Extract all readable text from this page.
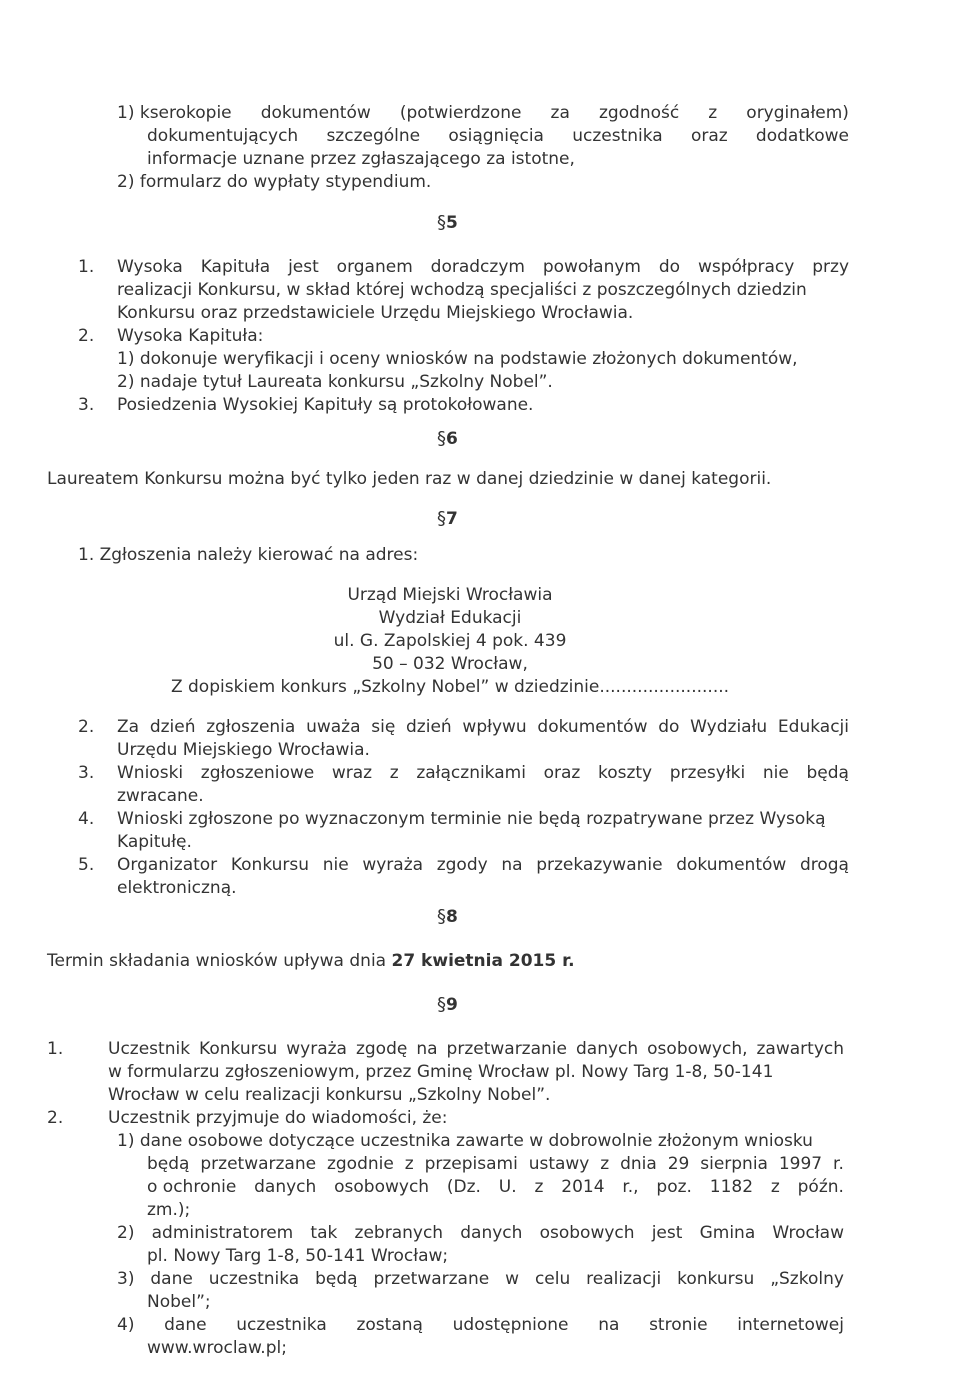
1) kserokopie dokumentów (potwierdzone za zgodność z oryginałem)
dokumentujących szczególne osiągnięcia uczestnika oraz dodatkowe
informacje uznane przez zgłaszającego za istotne,
2) formularz do wypłaty stypendium.
§5
1. Wysoka Kapituła jest organem doradczym powołanym do współpracy przy
realizacji Konkursu, w skład której wchodzą specjaliści z poszczególnych dziedzin
Konkursu oraz przedstawiciele Urzędu Miejskiego Wrocławia.
2. Wysoka Kapituła:
1) dokonuje weryfikacji i oceny wniosków na podstawie złożonych dokumentów,
2) nadaje tytuł Laureata konkursu „Szkolny Nobel”.
3. Posiedzenia Wysokiej Kapituły są protokołowane.
§6
Laureatem Konkursu można być tylko jeden raz w danej dziedzinie w danej kategorii.
§7
1. Zgłoszenia należy kierować na adres:
Urząd Miejski Wrocławia
Wydział Edukacji
ul. G. Zapolskiej 4 pok. 439
50 – 032 Wrocław,
Z dopiskiem konkurs „Szkolny Nobel” w dziedzinie........................
2. Za dzień zgłoszenia uważa się dzień wpływu dokumentów do Wydziału Edukacji
Urzędu Miejskiego Wrocławia.
3. Wnioski zgłoszeniowe wraz z załącznikami oraz koszty przesyłki nie będą
zwracane.
4. Wnioski zgłoszone po wyznaczonym terminie nie będą rozpatrywane przez Wysoką
Kapitułę.
5. Organizator Konkursu nie wyraża zgody na przekazywanie dokumentów drogą
elektroniczną.
§8
Termin składania wniosków upływa dnia 27 kwietnia 2015 r.
§9
1.	Uczestnik Konkursu wyraża zgodę na przetwarzanie danych osobowych, zawartych
w formularzu zgłoszeniowym, przez Gminę Wrocław pl. Nowy Targ 1-8, 50-141
Wrocław w celu realizacji konkursu „Szkolny Nobel”.
2.	Uczestnik przyjmuje do wiadomości, że:
1) dane osobowe dotyczące uczestnika zawarte w dobrowolnie złożonym wniosku
będą przetwarzane zgodnie z przepisami ustawy z dnia 29 sierpnia 1997 r.
o ochronie danych osobowych (Dz. U. z 2014 r., poz. 1182 z późn.
zm.);
2) administratorem tak zebranych danych osobowych jest Gmina Wrocław
pl. Nowy Targ 1-8, 50-141 Wrocław;
3) dane uczestnika będą przetwarzane w celu realizacji konkursu „Szkolny
Nobel”;
4) dane uczestnika zostaną udostępnione na stronie internetowej
www.wroclaw.pl;
